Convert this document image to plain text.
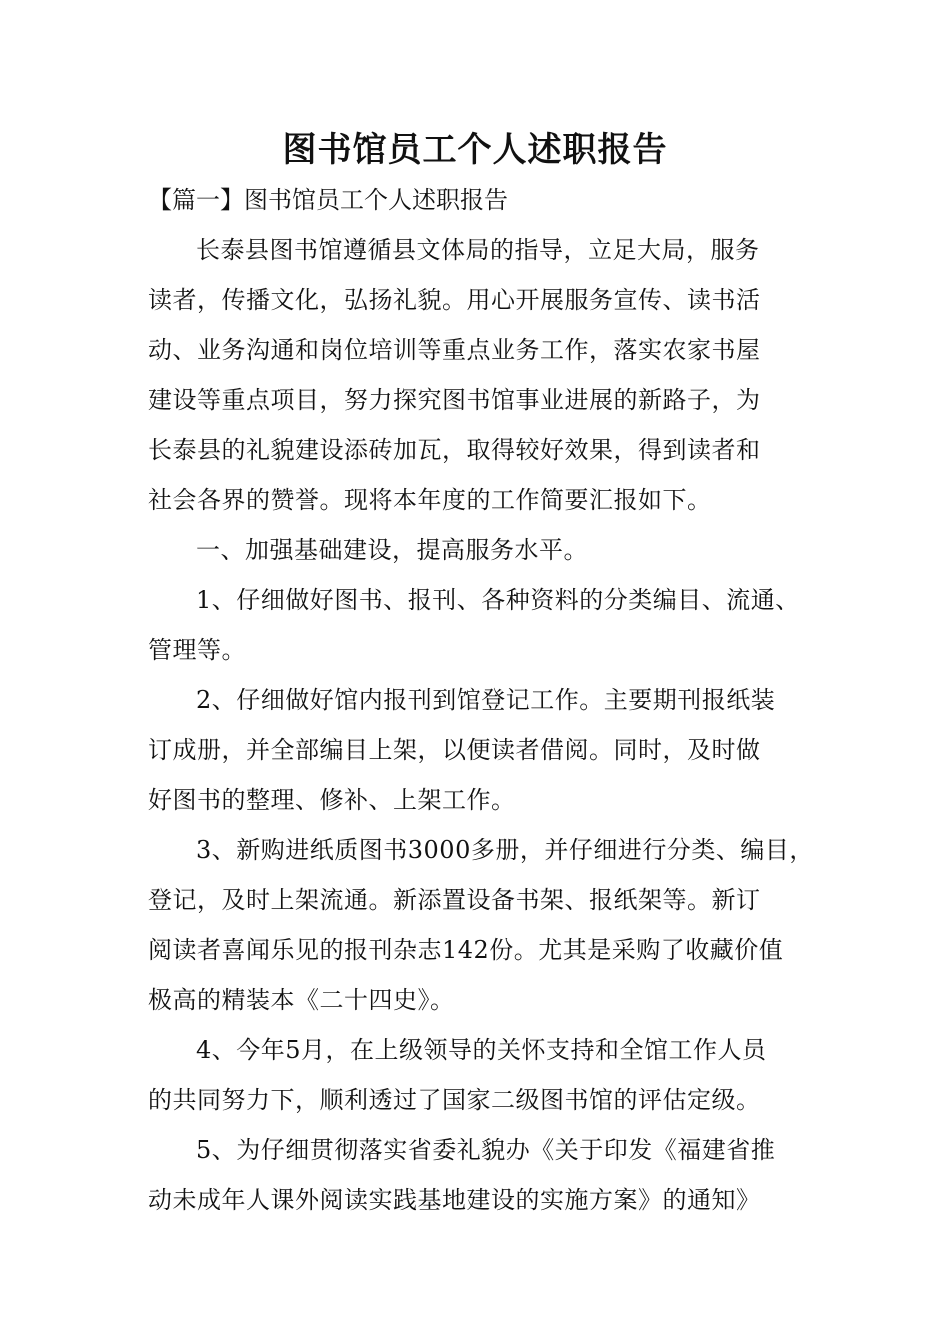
图书馆员工个人述职报告
【篇一】图书馆员工个人述职报告
长泰县图书馆遵循县文体局的指导，立足大局，服务
读者，传播文化，弘扬礼貌。用心开展服务宣传、读书活
动、业务沟通和岗位培训等重点业务工作，落实农家书屋
建设等重点项目，努力探究图书馆事业进展的新路子，为
长泰县的礼貌建设添砖加瓦，取得较好效果，得到读者和
社会各界的赞誉。现将本年度的工作简要汇报如下。
一、加强基础建设，提高服务水平。
1、仔细做好图书、报刊、各种资料的分类编目、流通、
管理等。
2、仔细做好馆内报刊到馆登记工作。主要期刊报纸装
订成册，并全部编目上架，以便读者借阅。同时，及时做
好图书的整理、修补、上架工作。
3、新购进纸质图书3000多册，并仔细进行分类、编目，
登记，及时上架流通。新添置设备书架、报纸架等。新订
阅读者喜闻乐见的报刊杂志142份。尤其是采购了收藏价值
极高的精装本《二十四史》。
4、今年5月，在上级领导的关怀支持和全馆工作人员
的共同努力下，顺利透过了国家二级图书馆的评估定级。
5、为仔细贯彻落实省委礼貌办《关于印发《福建省推
动未成年人课外阅读实践基地建设的实施方案》的通知》
